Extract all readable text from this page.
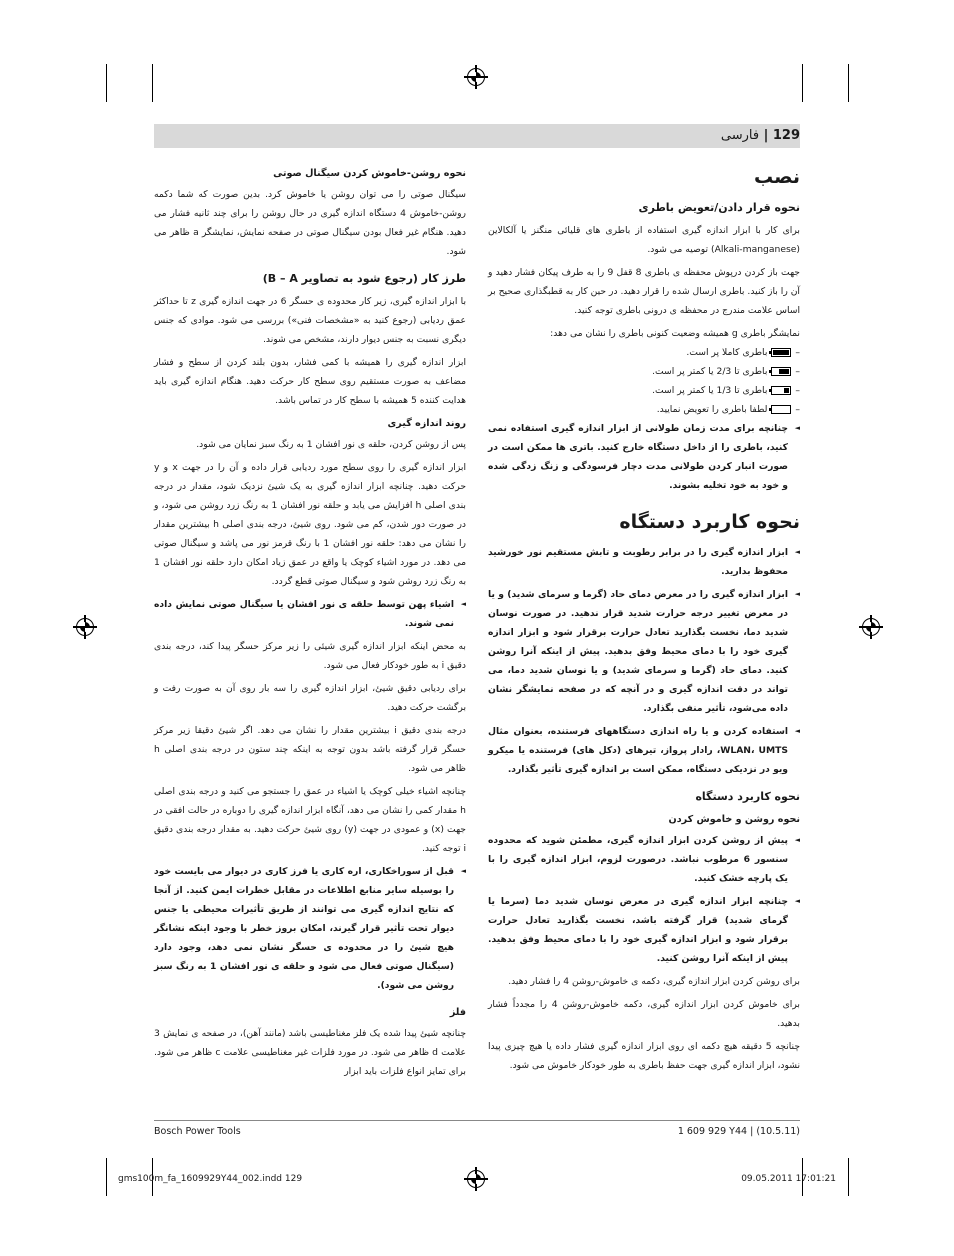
129 | فارسی
نصب
نحوه قرار دادن/تعویض باطری

برای کار با ابزار اندازه گیری استفاده از باطری های قلیائی منگنز یا آلکالاین (Alkali-manganese) توصیه می شود.

جهت باز کردن درپوش محفظه ی باطری 8 قفل 9 را به طرف پیکان فشار دهید و آن را باز کنید. باطری ارسال شده را قرار دهید. در حین کار به قطبگذاری صحیح بر اساس علامت مندرج در محفظه ی درونی باطری توجه کنید.

نمایشگر باطری g همیشه وضعیت کنونی باطری را نشان می دهد:

–
باطری کاملا پر است.
–
باطری تا 2/3 یا کمتر پر است.
–
باطری تا 1/3 یا کمتر پر است.
–
لطفا باطری را تعویض نمایید.

◄ چنانچه برای مدت زمان طولانی از ابزار اندازه گیری استفاده نمی کنید، باطری را از داخل دستگاه خارج کنید. باتری ها ممکن است در صورت انبار کردن طولانی مدت دچار فرسودگی و زنگ زدگی شده و خود به خود تخلیه بشوند.

نحوه کاربرد دستگاه

◄ ابزار اندازه گیری را در برابر رطوبت و تابش مستقیم نور خورشید محفوظ بدارید.

◄ ابزار اندازه گیری را در معرض دمای حاد (گرما و سرمای شدید) و یا در معرض تغییر درجه حرارت شدید قرار ندهید. در صورت نوسان شدید دما، نخست بگذارید تعادل حرارت برقرار شود و ابزار اندازه گیری خود را با دمای محیط وفق بدهید. پیش از اینکه آنرا روشن کنید. دمای حاد (گرما و سرمای شدید) و یا نوسان شدید دما، می تواند در دقت اندازه گیری و در آنچه که در صفحه نمایشگر نشان داده می‌شود، تأثیر منفی بگذارد.

◄ استفاده کردن و یا راه اندازی دستگاههای فرستنده، بعنوان مثال WLAN، UMTS، رادار پرواز، تیرهای (دکل های) فرستنده یا میکرو ویو در نزدیکی دستگاه، ممکن است بر اندازه گیری تأثیر بگذارد.

نحوه کاربرد دستگاه
نحوه روشن و خاموش کردن

◄ پیش از روشن کردن ابزار اندازه گیری، مطمئن شوید که محدوده سنسور 6 مرطوب نباشد. درصورت لزوم، ابزار اندازه گیری را با یک پارچه خشک کنید.

◄ چنانچه ابزار اندازه گیری در معرض نوسان شدید دما (سرما یا گرمای شدید) قرار گرفته باشد، نخست بگذارید تعادل حرارت برقرار شود و ابزار اندازه گیری خود را با دمای محیط وفق بدهید. پیش از اینکه آنرا روشن کنید.

برای روشن کردن ابزار اندازه گیری، دکمه ی خاموش-روشن 4 را فشار دهید.

برای خاموش کردن ابزار اندازه گیری، دکمه خاموش-روشن 4 را مجدداً فشار بدهید.

چنانچه 5 دقیقه هیچ دکمه ای روی ابزار اندازه گیری فشار داده یا هیچ چیزی پیدا نشود، ابزار اندازه گیری جهت حفظ باطری به طور خودکار خاموش می شود.

نحوه روشن-خاموش کردن سیگنال صوتی

سیگنال صوتی را می توان روشن یا خاموش کرد. بدین صورت که شما دکمه روشن-خاموش 4 دستگاه اندازه گیری در حال روشن را برای چند ثانیه فشار می دهید. هنگام غیر فعال بودن سیگنال صوتی در صفحه نمایش، نمایشگر a ظاهر می شود.

طرز کار (رجوع شود به تصاویر B – A)

با ابزار اندازه گیری، زیر کار محدوده ی حسگر 6 در جهت اندازه گیری z تا حداکثر عمق ردیابی (رجوع کنید به «مشخصات فنی») بررسی می شود. موادی که جنس دیگری نسبت به جنس دیوار دارند، مشخص می شوند.

ابزار اندازه گیری را همیشه با کمی فشار، بدون بلند کردن از سطح و فشار مضاعف به صورت مستقیم روی سطح کار حرکت دهید. هنگام اندازه گیری باید هدایت کننده 5 همیشه با سطح کار در تماس باشد.

روند اندازه گیری

پس از روشن کردن، حلقه ی نور افشان 1 به رنگ سبز نمایان می شود.

ابزار اندازه گیری را روی سطح مورد ردیابی قرار داده و آن را در جهت x و y حرکت دهید. چنانچه ابزار اندازه گیری به یک شیئ نزدیک شود، مقدار در درجه بندی اصلی h افزایش می یابد و حلقه نور افشان 1 به رنگ زرد روشن می شود، و در صورت دور شدن، کم می شود. روی شیئ، درجه بندی اصلی h بیشترین مقدار را نشان می دهد: حلقه نور افشان 1 با رنگ قرمز نور می پاشد و سیگنال صوتی می دهد. در مورد اشیاء کوچک یا واقع در عمق زیاد امکان دارد حلقه نور افشان 1 به رنگ زرد روشن شود و سیگنال صوتی قطع گردد.

◄ اشیاء پهن توسط حلقه ی نور افشان یا سیگنال صوتی نمایش داده نمی شوند.

به محض اینکه ابزار اندازه گیری شیئی را زیر مرکز حسگر پیدا کند، درجه بندی دقیق i به طور خودکار فعال می شود.

برای ردیابی دقیق شیئ، ابزار اندازه گیری را سه بار روی آن به صورت رفت و برگشت حرکت دهید.

درجه بندی دقیق i بیشترین مقدار را نشان می دهد. اگر شیئ دقیقا زیر مرکز حسگر قرار گرفته باشد بدون توجه به اینکه چند ستون در درجه بندی اصلی h ظاهر می شود.

چنانچه اشیاء خیلی کوچک یا اشیاء در عمق را جستجو می کنید و درجه بندی اصلی h مقدار کمی را نشان می دهد، آنگاه ابزار اندازه گیری را دوباره در حالت افقی در جهت (x) و عمودی در جهت (y) روی شیئ حرکت دهید. به مقدار درجه بندی دقیق i توجه کنید.

◄ قبل از سوراخکاری، اره کاری یا فرز کاری در دیوار می بایست خود را بوسیله سایر منابع اطلاعات در مقابل خطرات ایمن کنید. از آنجا که نتایج اندازه گیری می توانند از طریق تأثیرات محیطی یا جنس دیوار تحت تأثیر قرار گیرند، امکان بروز خطر با وجود اینکه نشانگر هیچ شیئ را در محدوده ی حسگر نشان نمی دهد، وجود دارد (سیگنال صوتی فعال می شود و حلقه ی نور افشان 1 به رنگ سبز روشن می شود).

فلز

چنانچه شیئ پیدا شده یک فلز مغناطیسی باشد (مانند آهن)، در صفحه ی نمایش 3 علامت d ظاهر می شود. در مورد فلزات غیر مغناطیسی علامت c ظاهر می شود. برای تمایز انواع فلزات باید ابزار

Bosch Power Tools	1 609 929 Y44 | (10.5.11)
gms100m_fa_1609929Y44_002.indd 129	09.05.2011 17:01:21
